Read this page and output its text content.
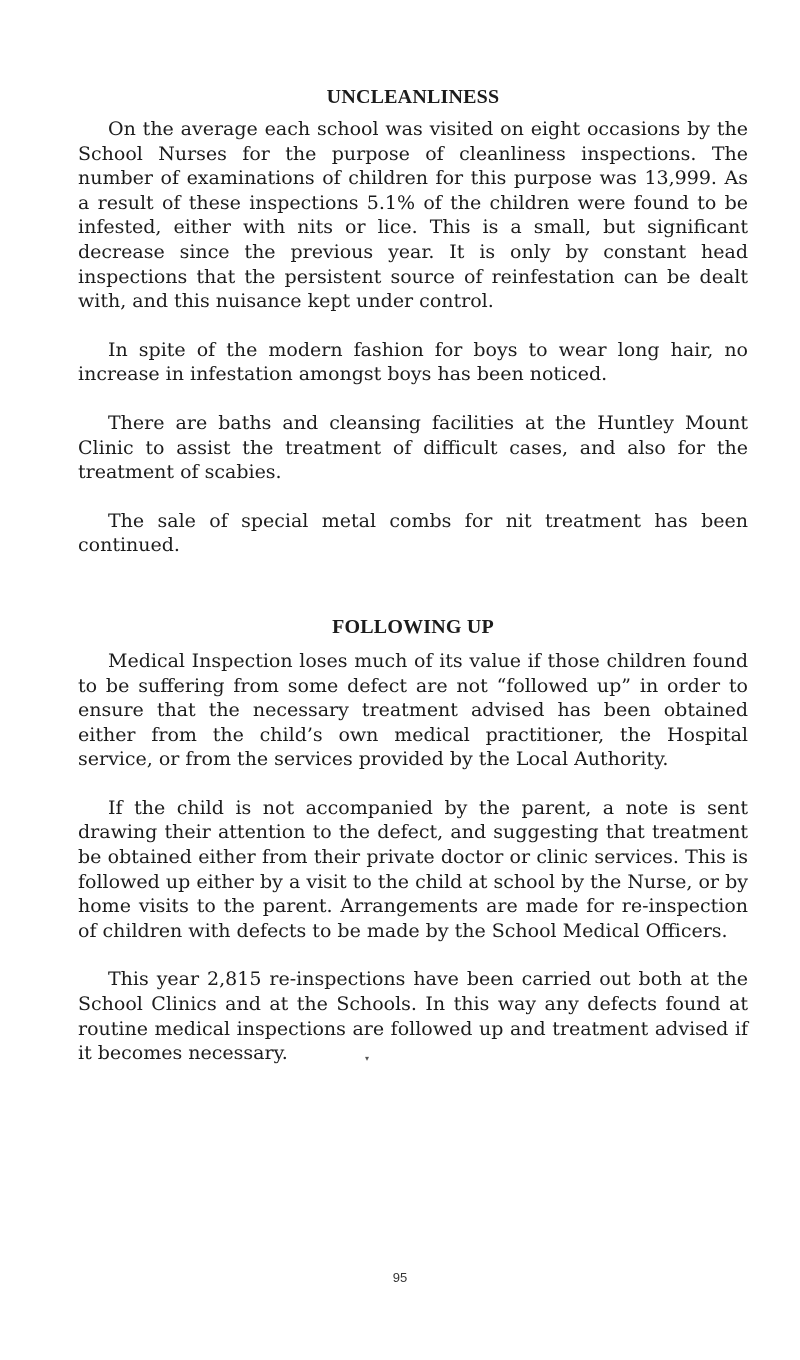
UNCLEANLINESS

On the average each school was visited on eight occasions by the School Nurses for the purpose of cleanliness inspections. The number of examinations of children for this purpose was 13,999. As a result of these inspections 5.1% of the children were found to be infested, either with nits or lice. This is a small, but significant decrease since the previous year. It is only by constant head inspections that the persistent source of reinfestation can be dealt with, and this nuisance kept under control.

In spite of the modern fashion for boys to wear long hair, no increase in infestation amongst boys has been noticed.

There are baths and cleansing facilities at the Huntley Mount Clinic to assist the treatment of difficult cases, and also for the treatment of scabies.

The sale of special metal combs for nit treatment has been continued.

FOLLOWING UP

Medical Inspection loses much of its value if those children found to be suffering from some defect are not “followed up” in order to ensure that the necessary treatment advised has been obtained either from the child’s own medical practitioner, the Hospital service, or from the services provided by the Local Authority.

If the child is not accompanied by the parent, a note is sent drawing their attention to the defect, and suggesting that treatment be obtained either from their private doctor or clinic services. This is followed up either by a visit to the child at school by the Nurse, or by home visits to the parent. Arrangements are made for re-inspection of children with defects to be made by the School Medical Officers.

This year 2,815 re-inspections have been carried out both at the School Clinics and at the Schools. In this way any defects found at routine medical inspections are followed up and treatment advised if it becomes necessary.	▾
95
